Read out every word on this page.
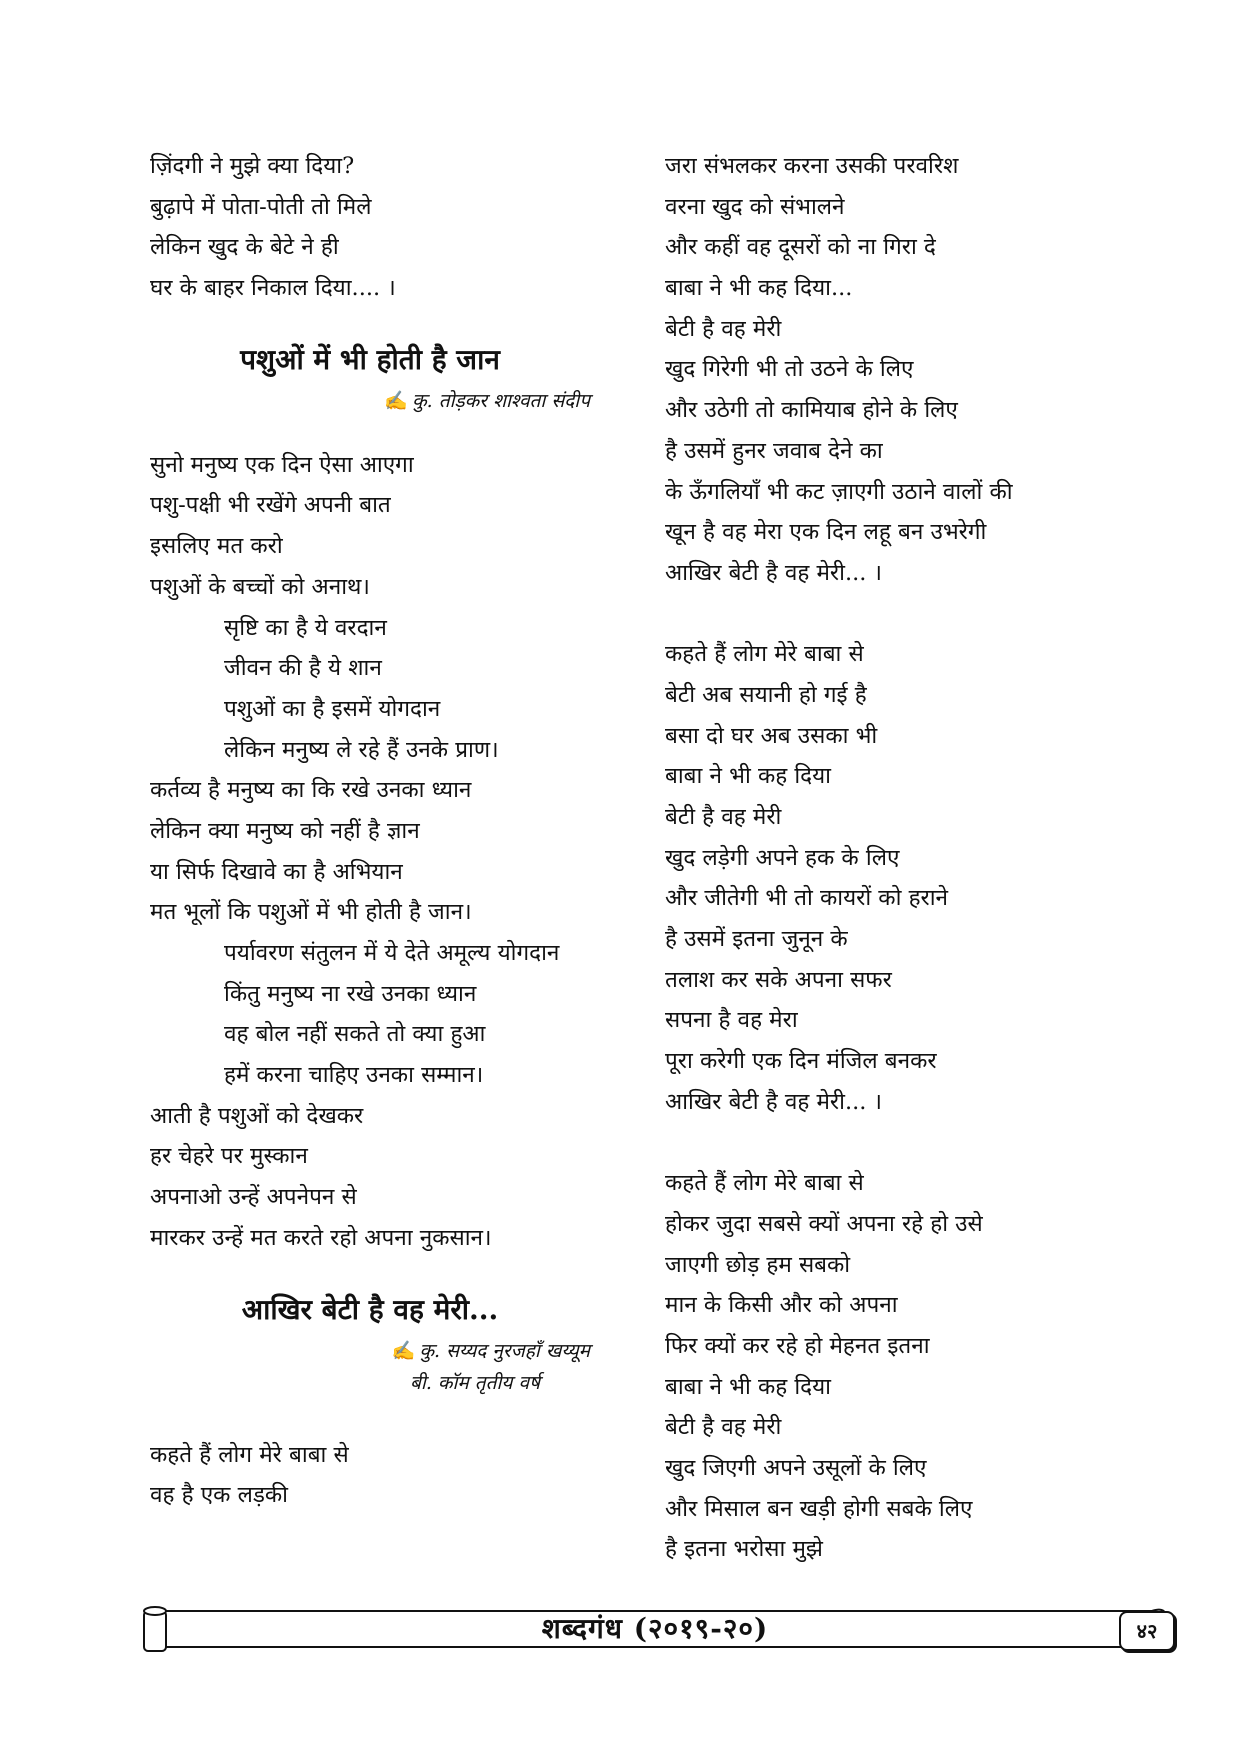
ज़िंदगी ने मुझे क्या दिया?
बुढ़ापे में पोता-पोती तो मिले
लेकिन खुद के बेटे ने ही
घर के बाहर निकाल दिया.... ।
पशुओं में भी होती है जान
✍ कु. तोड़कर शाश्वता संदीप
सुनो मनुष्य एक दिन ऐसा आएगा
पशु-पक्षी भी रखेंगे अपनी बात
इसलिए मत करो
पशुओं के बच्चों को अनाथ।
सृष्टि का है ये वरदान
जीवन की है ये शान
पशुओं का है इसमें योगदान
लेकिन मनुष्य ले रहे हैं उनके प्राण।
कर्तव्य है मनुष्य का कि रखे उनका ध्यान
लेकिन क्या मनुष्य को नहीं है ज्ञान
या सिर्फ दिखावे का है अभियान
मत भूलों कि पशुओं में भी होती है जान।
पर्यावरण संतुलन में ये देते अमूल्य योगदान
किंतु मनुष्य ना रखे उनका ध्यान
वह बोल नहीं सकते तो क्या हुआ
हमें करना चाहिए उनका सम्मान।
आती है पशुओं को देखकर
हर चेहरे पर मुस्कान
अपनाओ उन्हें अपनेपन से
मारकर उन्हें मत करते रहो अपना नुकसान।
आखिर बेटी है वह मेरी...
✍ कु. सय्यद नुरजहाँ खय्यूम
बी. कॉम तृतीय वर्ष
कहते हैं लोग मेरे बाबा से
वह है एक लड़की
जरा संभलकर करना उसकी परवरिश
वरना खुद को संभालने
और कहीं वह दूसरों को ना गिरा दे
बाबा ने भी कह दिया...
बेटी है वह मेरी
खुद गिरेगी भी तो उठने के लिए
और उठेगी तो कामियाब होने के लिए
है उसमें हुनर जवाब देने का
के ऊँगलियाँ भी कट ज़ाएगी उठाने वालों की
खून है वह मेरा एक दिन लहू बन उभरेगी
आखिर बेटी है वह मेरी... ।
कहते हैं लोग मेरे बाबा से
बेटी अब सयानी हो गई है
बसा दो घर अब उसका भी
बाबा ने भी कह दिया
बेटी है वह मेरी
खुद लड़ेगी अपने हक के लिए
और जीतेगी भी तो कायरों को हराने
है उसमें इतना जुनून के
तलाश कर सके अपना सफर
सपना है वह मेरा
पूरा करेगी एक दिन मंजिल बनकर
आखिर बेटी है वह मेरी... ।
कहते हैं लोग मेरे बाबा से
होकर जुदा सबसे क्यों अपना रहे हो उसे
जाएगी छोड़ हम सबको
मान के किसी और को अपना
फिर क्यों कर रहे हो मेहनत इतना
बाबा ने भी कह दिया
बेटी है वह मेरी
खुद जिएगी अपने उसूलों के लिए
और मिसाल बन खड़ी होगी सबके लिए
है इतना भरोसा मुझे
शब्दगंध (२०१९-२०)	४२
